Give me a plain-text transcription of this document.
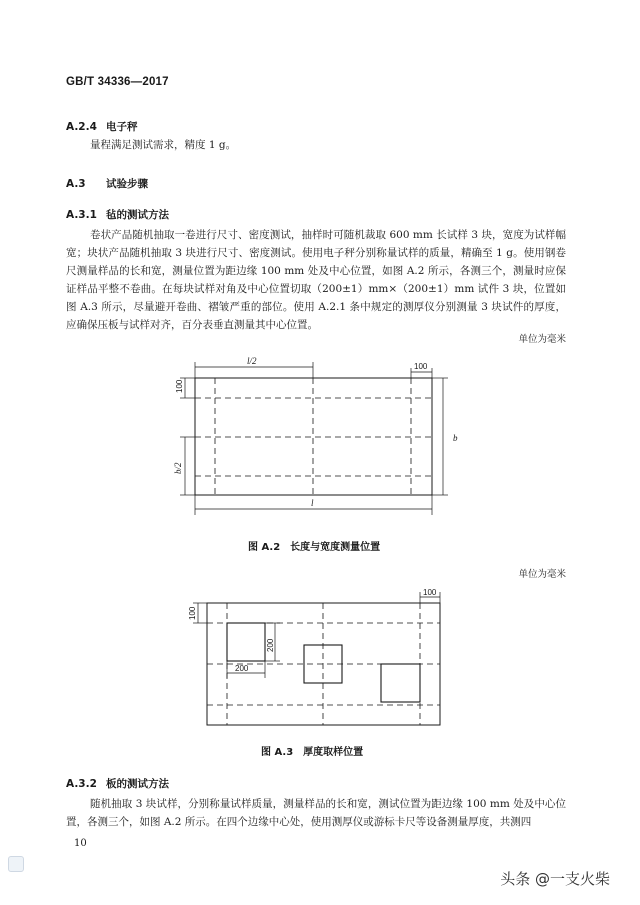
GB/T 34336—2017
A.2.4 电子秤
量程满足测试需求，精度 1 g。
A.3 试验步骤
A.3.1 毡的测试方法
卷状产品随机抽取一卷进行尺寸、密度测试，抽样时可随机裁取 600 mm 长试样 3 块，宽度为试样幅宽；块状产品随机抽取 3 块进行尺寸、密度测试。使用电子秤分别称量试样的质量，精确至 1 g。使用钢卷尺测量样品的长和宽，测量位置为距边缘 100 mm 处及中心位置，如图 A.2 所示，各测三个，测量时应保证样品平整不卷曲。在每块试样对角及中心位置切取（200±1）mm×（200±1）mm 试件 3 块，位置如图 A.3 所示，尽量避开卷曲、褶皱严重的部位。使用 A.2.1 条中规定的测厚仪分别测量 3 块试件的厚度，应确保压板与试样对齐，百分表垂直测量其中心位置。
单位为毫米
l/2
100
100
b
b/2
l
图 A.2　长度与宽度测量位置
单位为毫米
100
100
200
200
图 A.3　厚度取样位置
A.3.2 板的测试方法
随机抽取 3 块试样，分别称量试样质量，测量样品的长和宽，测试位置为距边缘 100 mm 处及中心位置，各测三个，如图 A.2 所示。在四个边缘中心处，使用测厚仪或游标卡尺等设备测量厚度，共测四
10
头条 @一支火柴
